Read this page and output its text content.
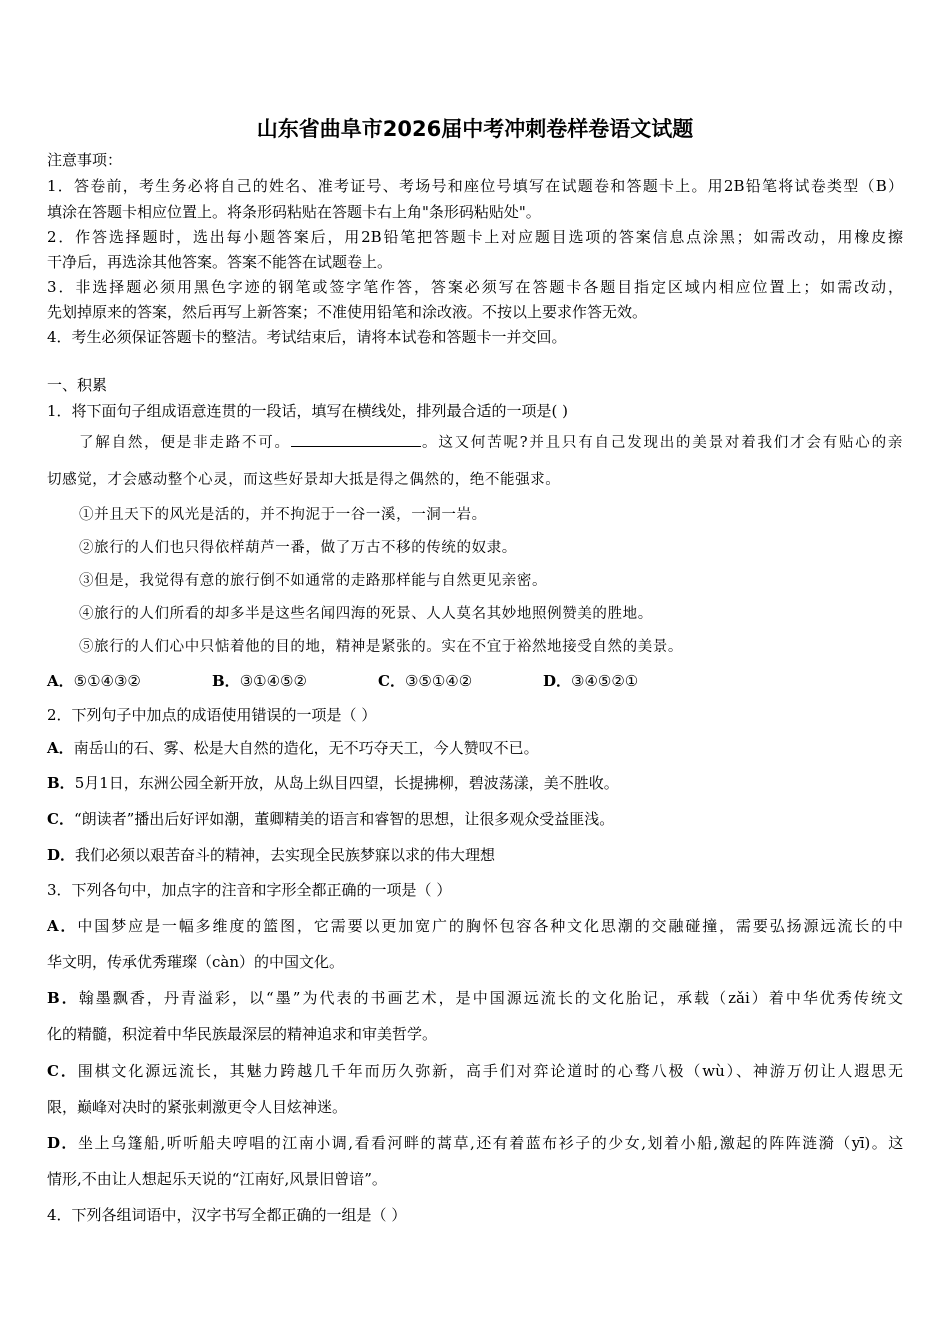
山东省曲阜市2026届中考冲刺卷样卷语文试题
注意事项：
1．答卷前，考生务必将自己的姓名、准考证号、考场号和座位号填写在试题卷和答题卡上。用2B铅笔将试卷类型（B）
填涂在答题卡相应位置上。将条形码粘贴在答题卡右上角"条形码粘贴处"。
2．作答选择题时，选出每小题答案后，用2B铅笔把答题卡上对应题目选项的答案信息点涂黑；如需改动，用橡皮擦
干净后，再选涂其他答案。答案不能答在试题卷上。
3．非选择题必须用黑色字迹的钢笔或签字笔作答，答案必须写在答题卡各题目指定区域内相应位置上；如需改动，
先划掉原来的答案，然后再写上新答案；不准使用铅笔和涂改液。不按以上要求作答无效。
4．考生必须保证答题卡的整洁。考试结束后，请将本试卷和答题卡一并交回。
一、积累
1．将下面句子组成语意连贯的一段话，填写在横线处，排列最合适的一项是( )
了解自然，便是非走路不可。	。这又何苦呢?并且只有自己发现出的美景对着我们才会有贴心的亲
切感觉，才会感动整个心灵，而这些好景却大抵是得之偶然的，绝不能强求。
①并且天下的风光是活的，并不拘泥于一谷一溪，一洞一岩。
②旅行的人们也只得依样葫芦一番，做了万古不移的传统的奴隶。
③但是，我觉得有意的旅行倒不如通常的走路那样能与自然更见亲密。
④旅行的人们所看的却多半是这些名闻四海的死景、人人莫名其妙地照例赞美的胜地。
⑤旅行的人们心中只惦着他的目的地，精神是紧张的。实在不宜于裕然地接受自然的美景。
A．⑤①④③②	B．③①④⑤②	C．③⑤①④②	D．③④⑤②①
2．下列句子中加点的成语使用错误的一项是（ ）
A．南岳山的石、雾、松是大自然的造化，无不巧夺天工，今人赞叹不已。
B．5月1日，东洲公园全新开放，从岛上纵目四望，长提拂柳，碧波荡漾，美不胜收。
C．“朗读者”播出后好评如潮，董卿精美的语言和睿智的思想，让很多观众受益匪浅。
D．我们必须以艰苦奋斗的精神，去实现全民族梦寐以求的伟大理想
3．下列各句中，加点字的注音和字形全都正确的一项是（ ）
A．中国梦应是一幅多维度的篮图，它需要以更加宽广的胸怀包容各种文化思潮的交融碰撞，需要弘扬源远流长的中
华文明，传承优秀璀璨（càn）的中国文化。
B．翰墨飘香，丹青溢彩，以“墨”为代表的书画艺术，是中国源远流长的文化胎记，承载（zǎi）着中华优秀传统文
化的精髓，积淀着中华民族最深层的精神追求和审美哲学。
C．围棋文化源远流长，其魅力跨越几千年而历久弥新，高手们对弈论道时的心骛八极（wù）、神游万仞让人遐思无
限，巅峰对决时的紧张刺激更令人目炫神迷。
D．坐上乌篷船,听听船夫哼唱的江南小调,看看河畔的蒿草,还有着蓝布衫子的少女,划着小船,激起的阵阵涟漪（yī)。这
情形,不由让人想起乐天说的“江南好,风景旧曾谙”。
4．下列各组词语中，汉字书写全都正确的一组是（ ）
